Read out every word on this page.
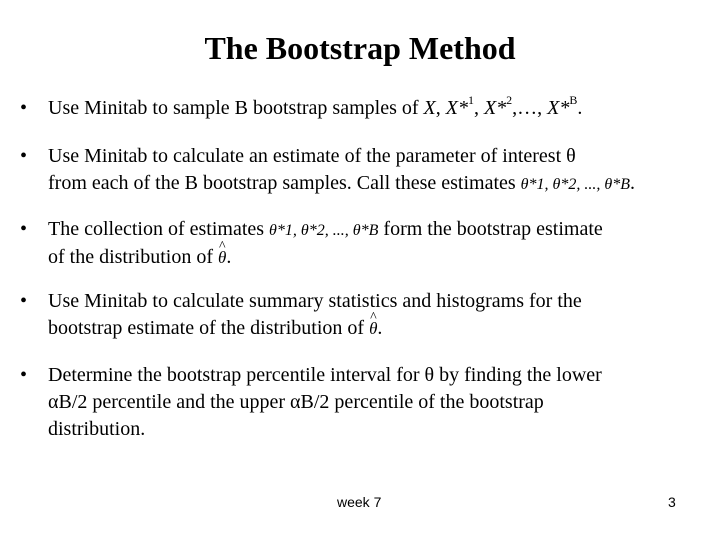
The Bootstrap Method
•	Use Minitab to sample B bootstrap samples of X, X*$^1$, X*$^2$,…, X*$^B$.
•	Use Minitab to calculate an estimate of the parameter of interest θ
from each of the B bootstrap samples. Call these estimates θ*1, θ*2, ..., θ*B.
•	The collection of estimates θ*1, θ*2, ..., θ*B form the bootstrap estimate
of the distribution of ^ θ.
•	Use Minitab to calculate summary statistics and histograms for the
bootstrap estimate of the distribution of ^ θ.
•	Determine the bootstrap percentile interval for θ by finding the lower
αB/2 percentile and the upper αB/2 percentile of the bootstrap
distribution.
week 7	3
